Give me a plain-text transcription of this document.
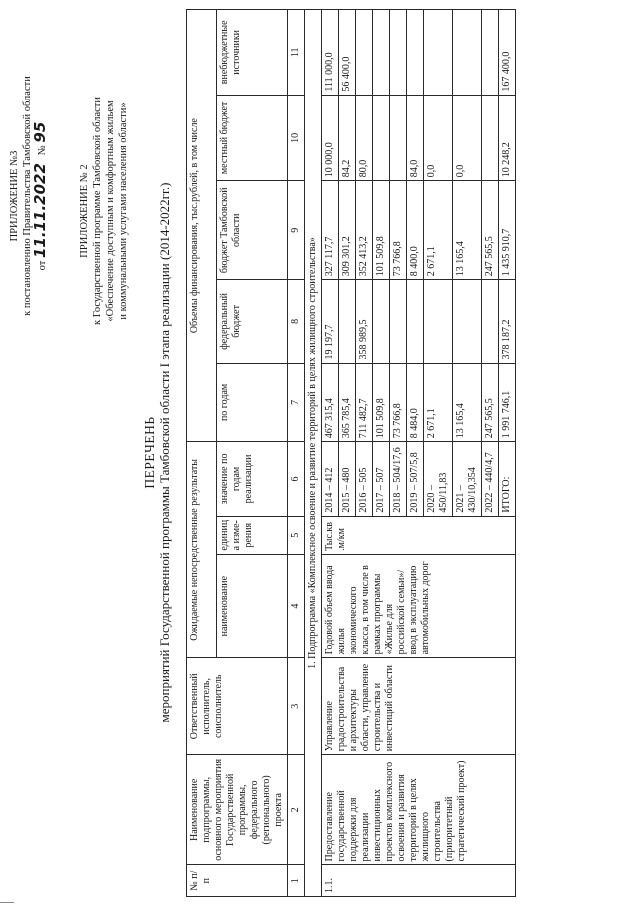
ПРИЛОЖЕНИЕ №3 к постановлению Правительства Тамбовской области от 11.11.2022   № 95
ПРИЛОЖЕНИЕ № 2 к Государственной программе Тамбовской области «Обеспечение доступным и комфортным жильем и коммунальными услугами населения области»
ПЕРЕЧЕНЬ мероприятий Государственной программы Тамбовской области I этапа реализации (2014-2022гг.)
№ п/п	Наименование подпрограммы, основного мероприятия Государственной программы, федерального (регионального) проекта	Ответственный исполнитель, соисполнитель	Ожидаемые непосредственные результаты			Объемы финансирования, тыс.рублей, в том числе				
			наименование	единица изме-рения	значение по годам реализации	по годам	федеральный бюджет	бюджет Тамбовской области	местный бюджет	внебюджетные источники
1	2	3	4	5	6	7	8	9	10	11
1. Подпрограмма «Комплексное освоение и развитие территорий в целях жилищного строительства»										
1.1.	Предоставление государственной поддержки для реализации инвестиционных проектов комплексного освоения и развития территорий в целях жилищного строительства (приоритетный стратегический проект)	Управление градостроительства и архитектуры области, управление строительства и инвестиций области	Годовой объем ввода жилья экономического класса, в том числе в рамках программы «Жилье для российской семьи»/ввод в эксплуатацию автомобильных дорог	Тыс.кв.м/км	2014 – 412	467 315,4	19 197,7	327 117,7	10 000,0	111 000,0
					2015 – 480	365 785,4		309 301,2	84,2	56 400,0
					2016 – 505	711 482,7	358 989,5	352 413,2	80,0	
					2017 – 507	101 509,8		101 509,8		
					2018 – 504/17,6	73 766,8		73 766,8		
					2019 – 507/5,8	8 484,0		8 400,0	84,0	
					2020 – 450/11,83	2 671,1		2 671,1	0,0	
					2021 – 430/10,354	13 165,4		13 165,4	0,0	
					2022 – 440/4,7	247 565,5		247 565,5		
					ИТОГО:	1 991 746,1	378 187,2	1 435 910,7	10 248,2	167 400,0
